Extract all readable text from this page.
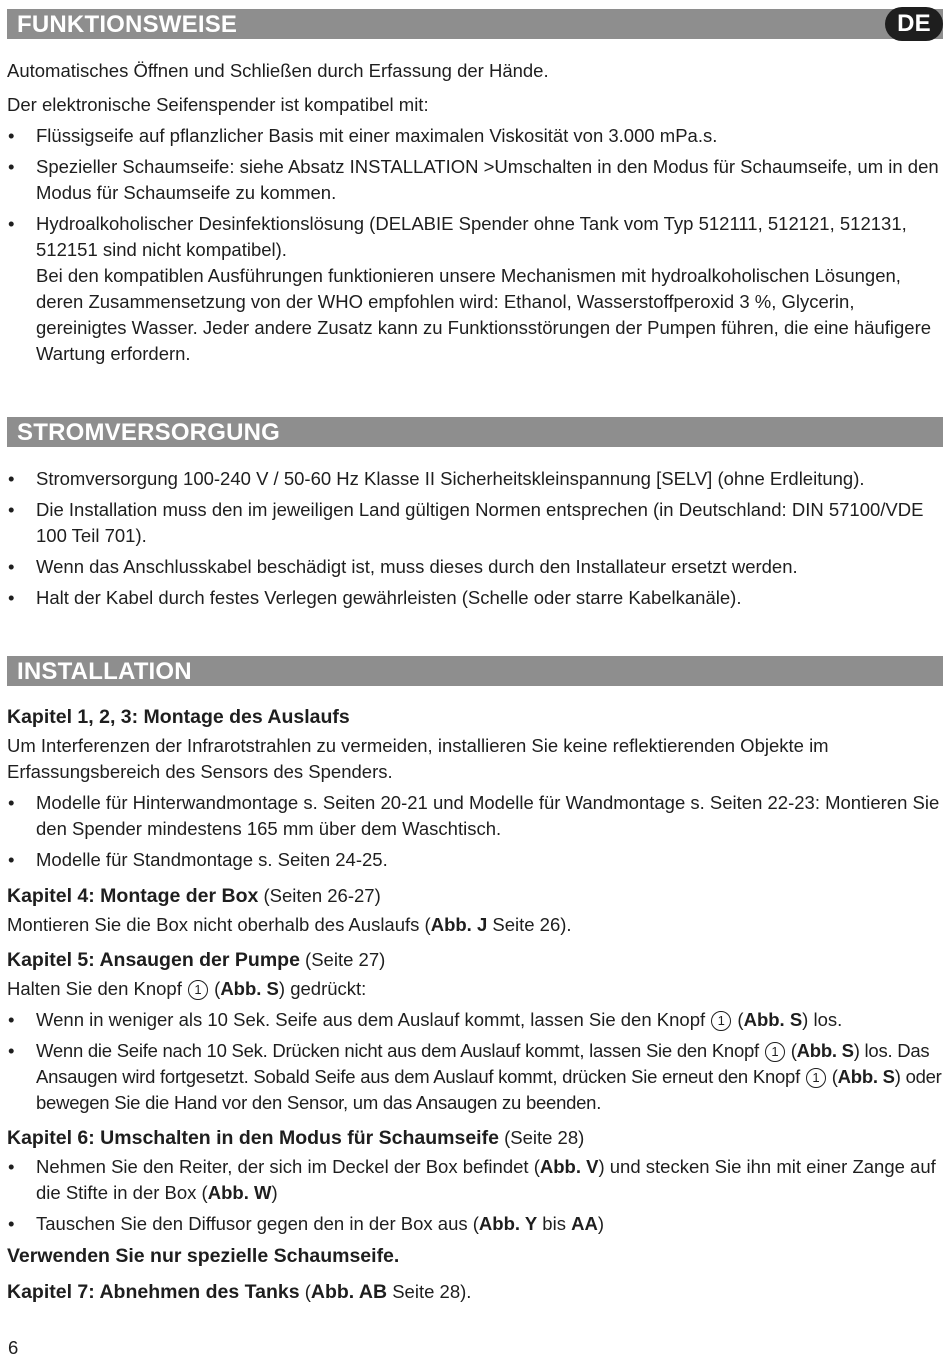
FUNKTIONSWEISE	DE

Automatisches Öffnen und Schließen durch Erfassung der Hände.

Der elektronische Seifenspender ist kompatibel mit:

• Flüssigseife auf pflanzlicher Basis mit einer maximalen Viskosität von 3.000 mPa.s.
• Spezieller Schaumseife: siehe Absatz INSTALLATION >Umschalten in den Modus für Schaumseife, um in den Modus für Schaumseife zu kommen.
• Hydroalkoholischer Desinfektionslösung (DELABIE Spender ohne Tank vom Typ 512111, 512121, 512131, 512151 sind nicht kompatibel).
Bei den kompatiblen Ausführungen funktionieren unsere Mechanismen mit hydroalkoholischen Lösungen, deren Zusammensetzung von der WHO empfohlen wird: Ethanol, Wasserstoffperoxid 3 %, Glycerin, gereinigtes Wasser. Jeder andere Zusatz kann zu Funktionsstörungen der Pumpen führen, die eine häufigere Wartung erfordern.
STROMVERSORGUNG
• Stromversorgung 100-240 V / 50-60 Hz Klasse II Sicherheitskleinspannung [SELV] (ohne Erdleitung).
• Die Installation muss den im jeweiligen Land gültigen Normen entsprechen (in Deutschland: DIN 57100/VDE 100 Teil 701).
• Wenn das Anschlusskabel beschädigt ist, muss dieses durch den Installateur ersetzt werden.
• Halt der Kabel durch festes Verlegen gewährleisten (Schelle oder starre Kabelkanäle).
INSTALLATION
Kapitel 1, 2, 3: Montage des Auslaufs

Um Interferenzen der Infrarotstrahlen zu vermeiden, installieren Sie keine reflektierenden Objekte im Erfassungsbereich des Sensors des Spenders.

• Modelle für Hinterwandmontage s. Seiten 20-21 und Modelle für Wandmontage s. Seiten 22-23: Montieren Sie den Spender mindestens 165 mm über dem Waschtisch.
• Modelle für Standmontage s. Seiten 24-25.
Kapitel 4: Montage der Box (Seiten 26-27)

Montieren Sie die Box nicht oberhalb des Auslaufs (Abb. J Seite 26).

Kapitel 5: Ansaugen der Pumpe (Seite 27)

Halten Sie den Knopf 1 (Abb. S) gedrückt:

• Wenn in weniger als 10 Sek. Seife aus dem Auslauf kommt, lassen Sie den Knopf 1 (Abb. S) los.
• Wenn die Seife nach 10 Sek. Drücken nicht aus dem Auslauf kommt, lassen Sie den Knopf 1 (Abb. S) los. Das Ansaugen wird fortgesetzt. Sobald Seife aus dem Auslauf kommt, drücken Sie erneut den Knopf 1 (Abb. S) oder bewegen Sie die Hand vor den Sensor, um das Ansaugen zu beenden.
Kapitel 6: Umschalten in den Modus für Schaumseife (Seite 28)
• Nehmen Sie den Reiter, der sich im Deckel der Box befindet (Abb. V) und stecken Sie ihn mit einer Zange auf die Stifte in der Box (Abb. W)
• Tauschen Sie den Diffusor gegen den in der Box aus (Abb. Y bis AA)
Verwenden Sie nur spezielle Schaumseife.
Kapitel 7: Abnehmen des Tanks (Abb. AB Seite 28).
6
